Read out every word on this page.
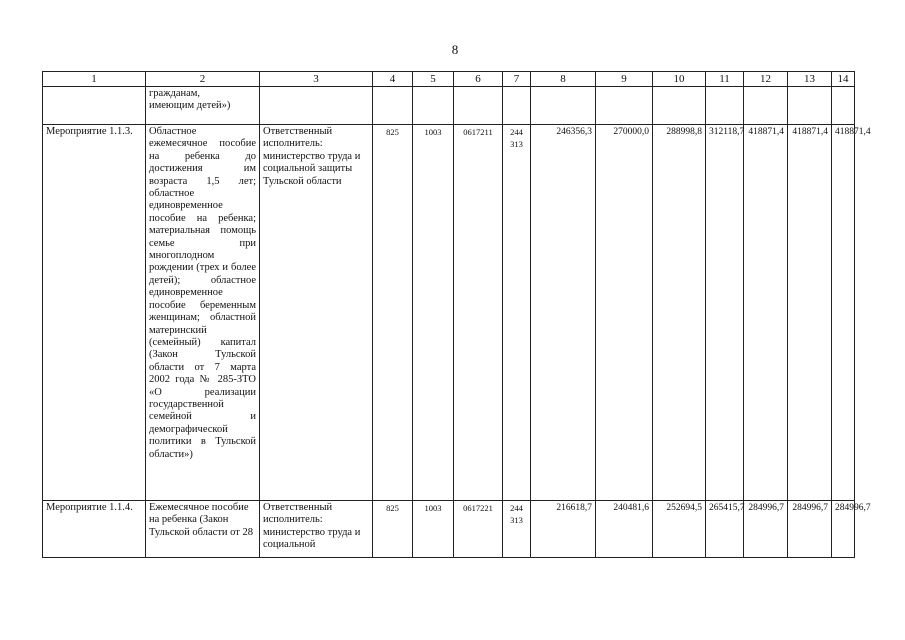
8
1	2	3	4	5	6	7	8	9	10	11	12	13	14

	гражданам,
имеющим детей»)												

Мероприятие 1.1.3.	Областное ежемесячное пособие на ребенка до достижения им возраста 1,5 лет; областное единовременное пособие на ребенка; материальная помощь семье при многоплодном рождении (трех и более детей); областное единовременное пособие беременным женщинам; областной материнский (семейный) капитал (Закон Тульской области от 7 марта 2002 года № 285-ЗТО «О реализации государственной семейной и демографической политики в Тульской области»)	Ответственный исполнитель: министерство труда и социальной защиты Тульской области	825	1003	0617211	244 313	246356,3	270000,0	288998,8	312118,7	418871,4	418871,4	418871,4
Мероприятие 1.1.4.	Ежемесячное пособие на ребенка (Закон Тульской области от 28	Ответственный исполнитель: министерство труда и социальной	825	1003	0617221	244 313	216618,7	240481,6	252694,5	265415,7	284996,7	284996,7	284996,7
